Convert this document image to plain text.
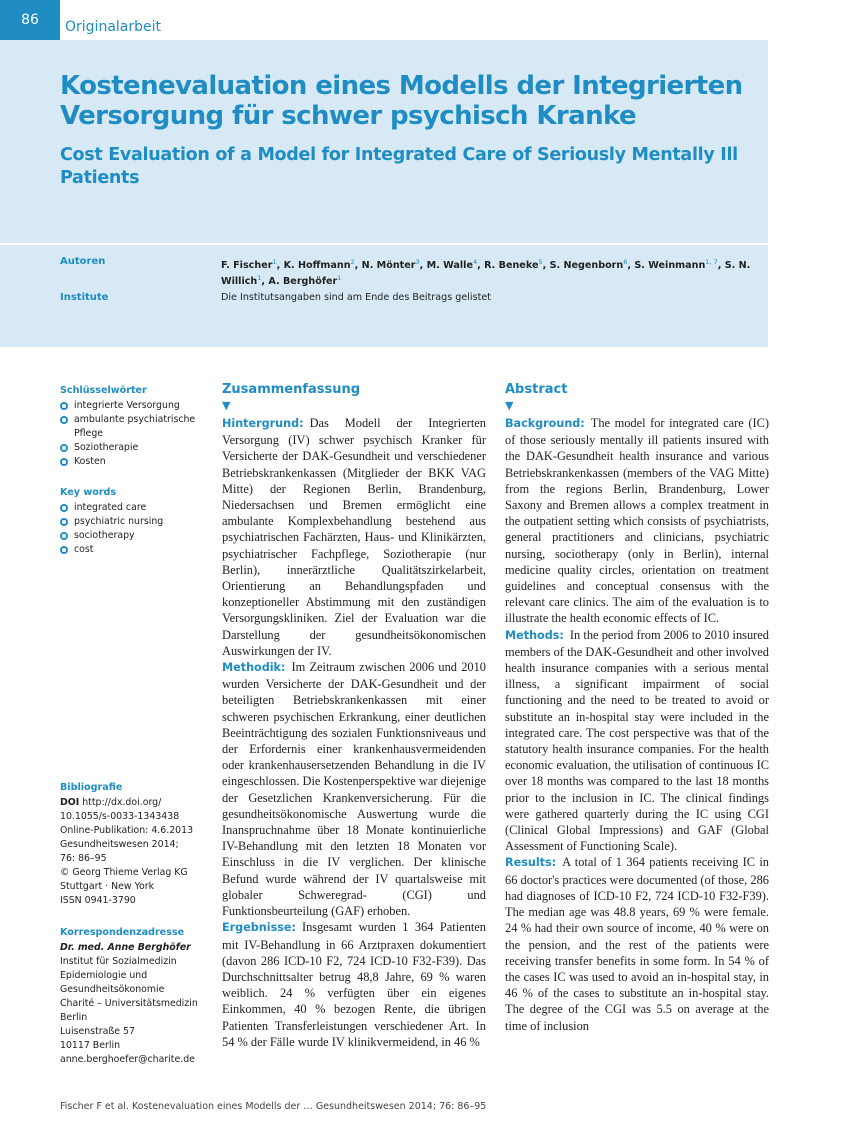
86	Originalarbeit
Kostenevaluation eines Modells der Integrierten Versorgung für schwer psychisch Kranke
Cost Evaluation of a Model for Integrated Care of Seriously Mentally Ill Patients
Autoren	F. Fischer$^1$, K. Hoffmann$^2$, N. Mönter$^3$, M. Walle$^4$, R. Beneke$^5$, S. Negenborn$^6$, S. Weinmann$^{1, 7}$, S. N. Willich$^1$, A. Berghöfer$^1$
Institute	Die Institutsangaben sind am Ende des Beitrags gelistet
Schlüsselwörter
integrierte Versorgung
ambulante psychiatrische Pflege
Soziotherapie
Kosten
Key words
integrated care
psychiatric nursing
sociotherapy
cost
Bibliografie
DOI http://dx.doi.org/
10.1055/s-0033-1343438
Online-Publikation: 4.6.2013
Gesundheitswesen 2014;
76: 86–95
© Georg Thieme Verlag KG
Stuttgart · New York
ISSN 0941-3790
Korrespondenzadresse
Dr. med. Anne Berghöfer
Institut für Sozialmedizin
Epidemiologie und
Gesundheitsökonomie
Charité – Universitätsmedizin
Berlin
Luisenstraße 57
10117 Berlin
anne.berghoefer@charite.de
Zusammenfassung
▼

Hintergrund: Das Modell der Integrierten Versorgung (IV) schwer psychisch Kranker für Versicherte der DAK-Gesundheit und verschiedener Betriebskrankenkassen (Mitglieder der BKK VAG Mitte) der Regionen Berlin, Brandenburg, Niedersachsen und Bremen ermöglicht eine ambulante Komplexbehandlung bestehend aus psychiatrischen Fachärzten, Haus- und Klinikärzten, psychiatrischer Fachpflege, Soziotherapie (nur Berlin), innerärztliche Qualitätszirkelarbeit, Orientierung an Behandlungspfaden und konzeptioneller Abstimmung mit den zuständigen Versorgungskliniken. Ziel der Evaluation war die Darstellung der gesundheitsökonomischen Auswirkungen der IV.

Methodik: Im Zeitraum zwischen 2006 und 2010 wurden Versicherte der DAK-Gesundheit und der beteiligten Betriebskrankenkassen mit einer schweren psychischen Erkrankung, einer deutlichen Beeinträchtigung des sozialen Funktionsniveaus und der Erfordernis einer krankenhausvermeidenden oder krankenhausersetzenden Behandlung in die IV eingeschlossen. Die Kostenperspektive war diejenige der Gesetzlichen Krankenversicherung. Für die gesundheitsökonomische Auswertung wurde die Inanspruchnahme über 18 Monate kontinuierliche IV-Behandlung mit den letzten 18 Monaten vor Einschluss in die IV verglichen. Der klinische Befund wurde während der IV quartalsweise mit globaler Schweregrad- (CGI) und Funktionsbeurteilung (GAF) erhoben.

Ergebnisse: Insgesamt wurden 1 364 Patienten mit IV-Behandlung in 66 Arztpraxen dokumentiert (davon 286 ICD-10 F2, 724 ICD-10 F32-F39). Das Durchschnittsalter betrug 48,8 Jahre, 69 % waren weiblich. 24 % verfügten über ein eigenes Einkommen, 40 % bezogen Rente, die übrigen Patienten Transferleistungen verschiedener Art. In 54 % der Fälle wurde IV klinikvermeidend, in 46 %

Abstract
▼

Background: The model for integrated care (IC) of those seriously mentally ill patients insured with the DAK-Gesundheit health insurance and various Betriebskrankenkassen (members of the VAG Mitte) from the regions Berlin, Brandenburg, Lower Saxony and Bremen allows a complex treatment in the outpatient setting which consists of psychiatrists, general practitioners and clinicians, psychiatric nursing, sociotherapy (only in Berlin), internal medicine quality circles, orientation on treatment guidelines and conceptual consensus with the relevant care clinics. The aim of the evaluation is to illustrate the health economic effects of IC.

Methods: In the period from 2006 to 2010 insured members of the DAK-Gesundheit and other involved health insurance companies with a serious mental illness, a significant impairment of social functioning and the need to be treated to avoid or substitute an in-hospital stay were included in the integrated care. The cost perspective was that of the statutory health insurance companies. For the health economic evaluation, the utilisation of continuous IC over 18 months was compared to the last 18 months prior to the inclusion in IC. The clinical findings were gathered quarterly during the IC using CGI (Clinical Global Impressions) and GAF (Global Assessment of Functioning Scale).

Results: A total of 1 364 patients receiving IC in 66 doctor's practices were documented (of those, 286 had diagnoses of ICD-10 F2, 724 ICD-10 F32-F39). The median age was 48.8 years, 69 % were female. 24 % had their own source of income, 40 % were on the pension, and the rest of the patients were receiving transfer benefits in some form. In 54 % of the cases IC was used to avoid an in-hospital stay, in 46 % of the cases to substitute an in-hospital stay. The degree of the CGI was 5.5 on average at the time of inclusion

Fischer F et al. Kostenevaluation eines Modells der … Gesundheitswesen 2014; 76: 86–95
